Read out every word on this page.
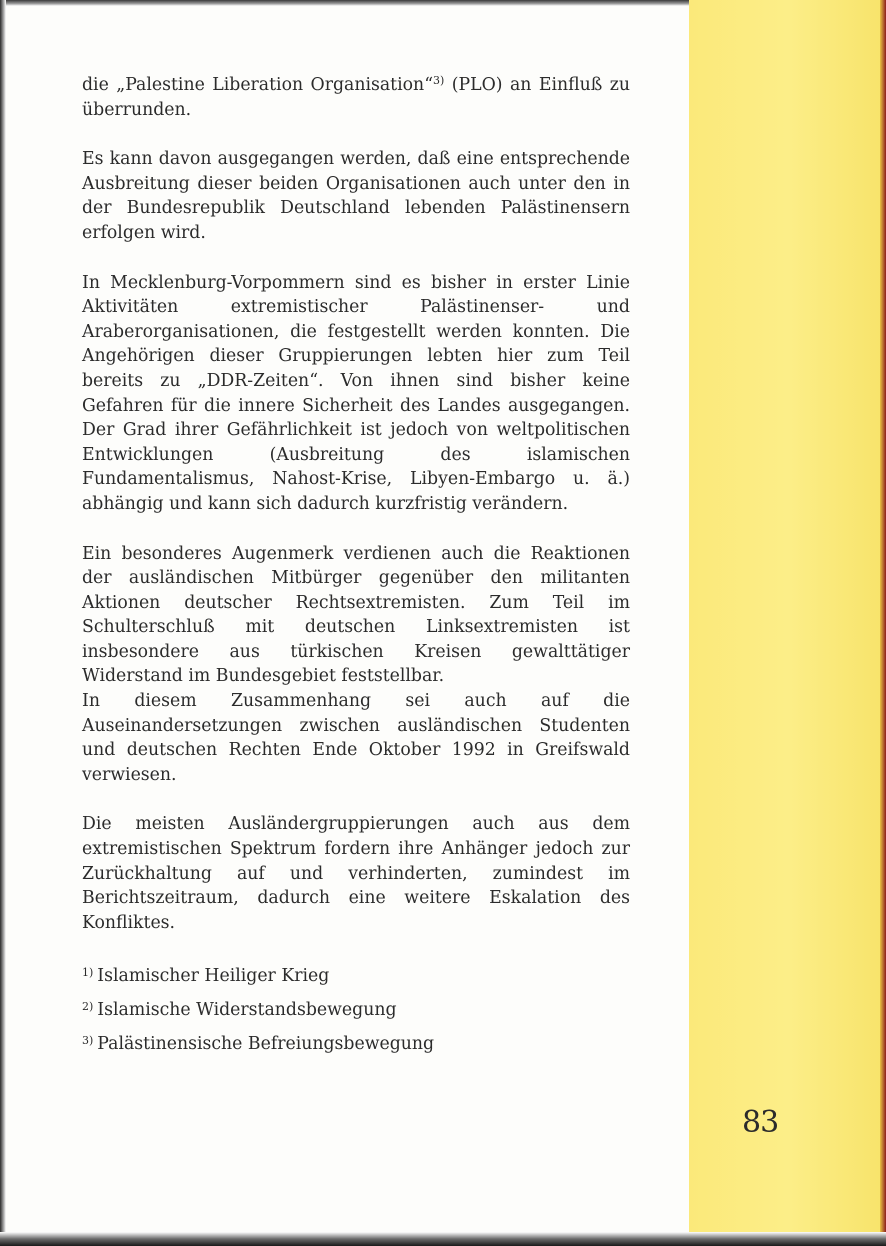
die „Palestine Liberation Organisation“$^{3)}$ (PLO) an Einfluß zu überrunden.

Es kann davon ausgegangen werden, daß eine entsprechende Ausbreitung dieser beiden Organisationen auch unter den in der Bundesrepublik Deutschland lebenden Palästinensern erfolgen wird.

In Mecklenburg-Vorpommern sind es bisher in erster Linie Aktivitäten extremistischer Palästinenser- und Araberorganisationen, die festgestellt werden konnten. Die Angehörigen dieser Gruppierungen lebten hier zum Teil bereits zu „DDR-Zeiten“. Von ihnen sind bisher keine Gefahren für die innere Sicherheit des Landes ausgegangen. Der Grad ihrer Gefährlichkeit ist jedoch von weltpolitischen Entwicklungen (Ausbreitung des islamischen Fundamentalismus, Nahost-Krise, Libyen-Embargo u. ä.) abhängig und kann sich dadurch kurzfristig verändern.

Ein besonderes Augenmerk verdienen auch die Reaktionen der ausländischen Mitbürger gegenüber den militanten Aktionen deutscher Rechtsextremisten. Zum Teil im Schulterschluß mit deutschen Linksextremisten ist insbesondere aus türkischen Kreisen gewalttätiger Widerstand im Bundesgebiet feststellbar.

In diesem Zusammenhang sei auch auf die Auseinandersetzungen zwischen ausländischen Studenten und deutschen Rechten Ende Oktober 1992 in Greifswald verwiesen.

Die meisten Ausländergruppierungen auch aus dem extremistischen Spektrum fordern ihre Anhänger jedoch zur Zurückhaltung auf und verhinderten, zumindest im Berichtszeitraum, dadurch eine weitere Eskalation des Konfliktes.

$^{1)}$ Islamischer Heiliger Krieg
$^{2)}$ Islamische Widerstandsbewegung
$^{3)}$ Palästinensische Befreiungsbewegung
83
